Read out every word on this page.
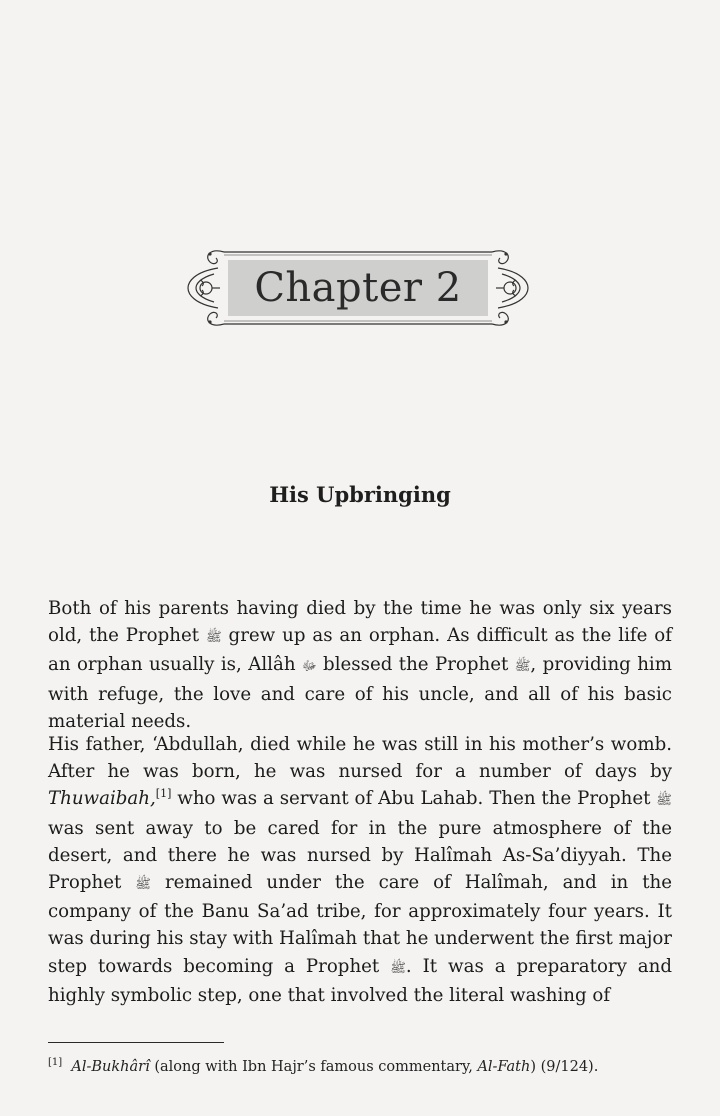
Chapter 2
His Upbringing

Both of his parents having died by the time he was only six years old, the Prophet ﷺ grew up as an orphan. As difficult as the life of an orphan usually is, Allâh ﷻ blessed the Prophet ﷺ, providing him with refuge, the love and care of his uncle, and all of his basic material needs.

His father, ‘Abdullah, died while he was still in his mother’s womb. After he was born, he was nursed for a number of days by Thuwaibah,[1] who was a servant of Abu Lahab. Then the Prophet ﷺ was sent away to be cared for in the pure atmosphere of the desert, and there he was nursed by Halîmah As-Sa’diyyah. The Prophet ﷺ remained under the care of Halîmah, and in the company of the Banu Sa’ad tribe, for approximately four years. It was during his stay with Halîmah that he underwent the first major step towards becoming a Prophet ﷺ. It was a preparatory and highly symbolic step, one that involved the literal washing of

[1] Al-Bukhârî (along with Ibn Hajr’s famous commentary, Al-Fath) (9/124).
